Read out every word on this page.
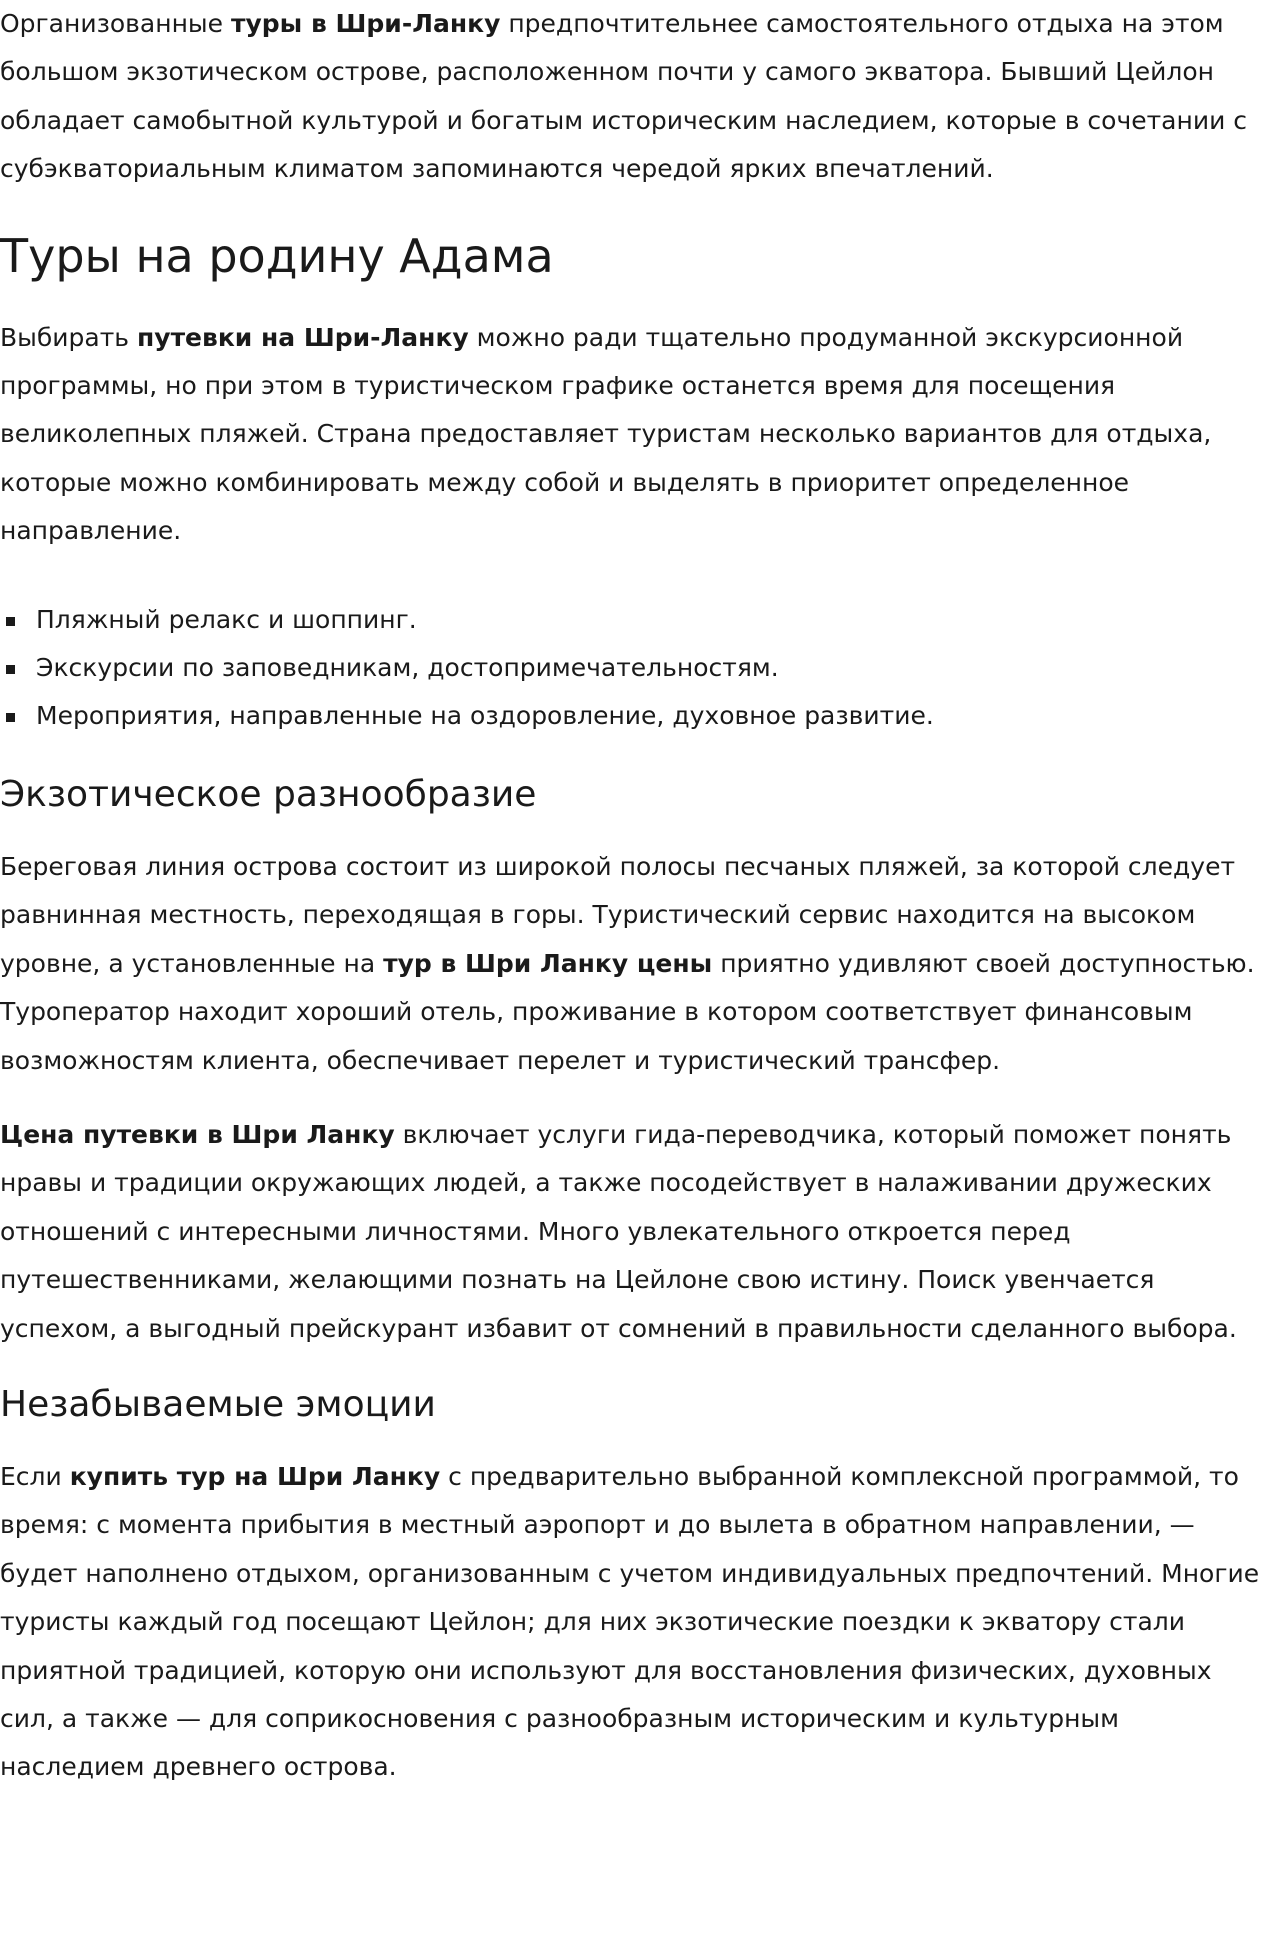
Организованные туры в Шри-Ланку предпочтительнее самостоятельного отдыха на этом большом экзотическом острове, расположенном почти у самого экватора. Бывший Цейлон обладает самобытной культурой и богатым историческим наследием, которые в сочетании с субэкваториальным климатом запоминаются чередой ярких впечатлений.

Туры на родину Адама

Выбирать путевки на Шри-Ланку можно ради тщательно продуманной экскурсионной программы, но при этом в туристическом графике останется время для посещения великолепных пляжей. Страна предоставляет туристам несколько вариантов для отдыха, которые можно комбинировать между собой и выделять в приоритет определенное направление.

Пляжный релакс и шоппинг.
Экскурсии по заповедникам, достопримечательностям.
Мероприятия, направленные на оздоровление, духовное развитие.
Экзотическое разнообразие

Береговая линия острова состоит из широкой полосы песчаных пляжей, за которой следует равнинная местность, переходящая в горы. Туристический сервис находится на высоком уровне, а установленные на тур в Шри Ланку цены приятно удивляют своей доступностью. Туроператор находит хороший отель, проживание в котором соответствует финансовым возможностям клиента, обеспечивает перелет и туристический трансфер.

Цена путевки в Шри Ланку включает услуги гида-переводчика, который поможет понять нравы и традиции окружающих людей, а также посодействует в налаживании дружеских отношений с интересными личностями. Много увлекательного откроется перед путешественниками, желающими познать на Цейлоне свою истину. Поиск увенчается успехом, а выгодный прейскурант избавит от сомнений в правильности сделанного выбора.

Незабываемые эмоции

Если купить тур на Шри Ланку с предварительно выбранной комплексной программой, то время: с момента прибытия в местный аэропорт и до вылета в обратном направлении, — будет наполнено отдыхом, организованным с учетом индивидуальных предпочтений. Многие туристы каждый год посещают Цейлон; для них экзотические поездки к экватору стали приятной традицией, которую они используют для восстановления физических, духовных сил, а также — для соприкосновения с разнообразным историческим и культурным наследием древнего острова.
